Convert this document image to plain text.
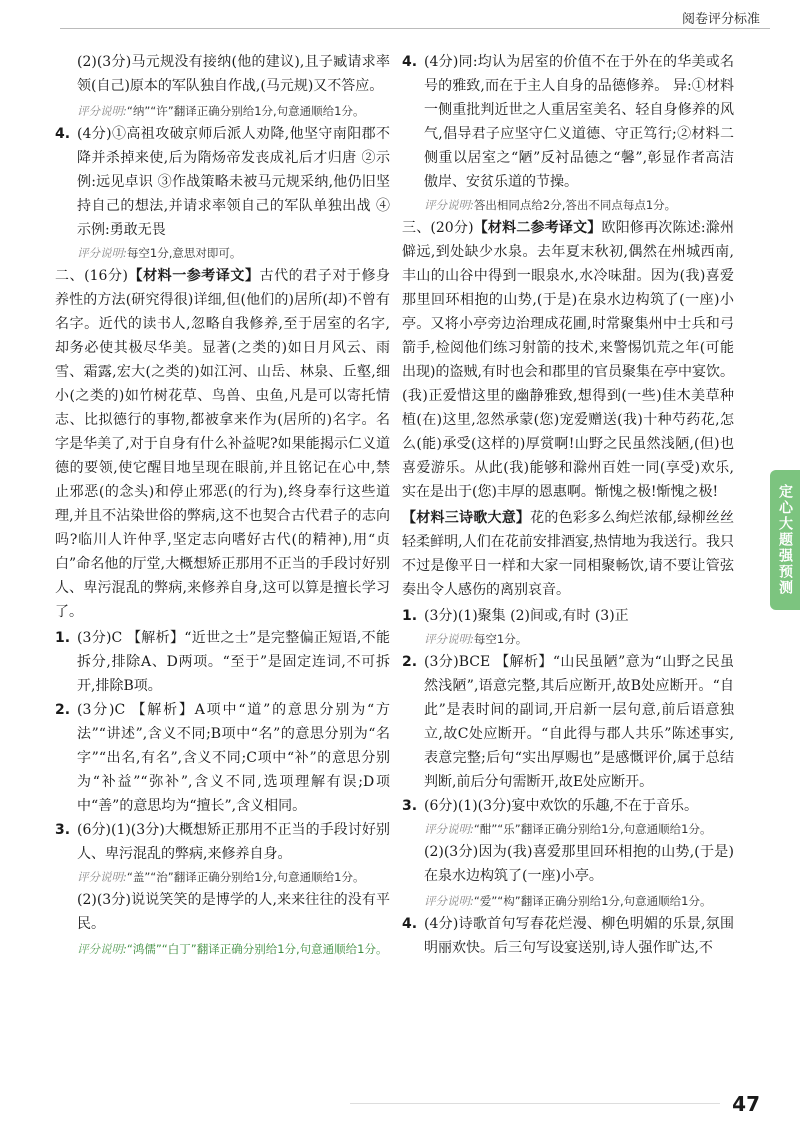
阅卷评分标准

(2)(3分)马元规没有接纳(他的建议),且子臧请求率领(自己)原本的军队独自作战,(马元规)又不答应。

评分说明:“纳”“许”翻译正确分别给1分,句意通顺给1分。
4. (4分)①高祖攻破京师后派人劝降,他坚守南阳郡不降并杀掉来使,后为隋炀帝发丧成礼后才归唐 ②示例:远见卓识 ③作战策略未被马元规采纳,他仍旧坚持自己的想法,并请求率领自己的军队单独出战 ④示例:勇敢无畏
评分说明:每空1分,意思对即可。

二、(16分)【材料一参考译文】古代的君子对于修身养性的方法(研究得很)详细,但(他们的)居所(却)不曾有名字。近代的读书人,忽略自我修养,至于居室的名字,却务必使其极尽华美。显著(之类的)如日月风云、雨雪、霜露,宏大(之类的)如江河、山岳、林泉、丘壑,细小(之类的)如竹树花草、鸟兽、虫鱼,凡是可以寄托情志、比拟德行的事物,都被拿来作为(居所的)名字。名字是华美了,对于自身有什么补益呢?如果能揭示仁义道德的要领,使它醒目地呈现在眼前,并且铭记在心中,禁止邪恶(的念头)和停止邪恶(的行为),终身奉行这些道理,并且不沾染世俗的弊病,这不也契合古代君子的志向吗?临川人许仲孚,坚定志向嗜好古代(的精神),用“贞白”命名他的厅堂,大概想矫正那用不正当的手段讨好别人、卑污混乱的弊病,来修养自身,这可以算是擅长学习了。

1. (3分)C 【解析】“近世之士”是完整偏正短语,不能拆分,排除A、D两项。“至于”是固定连词,不可拆开,排除B项。
2. (3分)C 【解析】A项中“道”的意思分别为“方法”“讲述”,含义不同;B项中“名”的意思分别为“名字”“出名,有名”,含义不同;C项中“补”的意思分别为“补益”“弥补”,含义不同,选项理解有误;D项中“善”的意思均为“擅长”,含义相同。
3. (6分)(1)(3分)大概想矫正那用不正当的手段讨好别人、卑污混乱的弊病,来修养自身。
评分说明:“盖”“治”翻译正确分别给1分,句意通顺给1分。

(2)(3分)说说笑笑的是博学的人,来来往往的没有平民。

评分说明:“鸿儒”“白丁”翻译正确分别给1分,句意通顺给1分。
4. (4分)同:均认为居室的价值不在于外在的华美或名号的雅致,而在于主人自身的品德修养。 异:①材料一侧重批判近世之人重居室美名、轻自身修养的风气,倡导君子应坚守仁义道德、守正笃行;②材料二侧重以居室之“陋”反衬品德之“馨”,彰显作者高洁傲岸、安贫乐道的节操。
评分说明:答出相同点给2分,答出不同点每点1分。

三、(20分)【材料二参考译文】欧阳修再次陈述:滁州僻远,到处缺少水泉。去年夏末秋初,偶然在州城西南,丰山的山谷中得到一眼泉水,水冷味甜。因为(我)喜爱那里回环相抱的山势,(于是)在泉水边构筑了(一座)小亭。又将小亭旁边治理成花圃,时常聚集州中士兵和弓箭手,检阅他们练习射箭的技术,来警惕饥荒之年(可能出现)的盗贼,有时也会和郡里的官员聚集在亭中宴饮。(我)正爱惜这里的幽静雅致,想得到(一些)佳木美草种植(在)这里,忽然承蒙(您)宠爱赠送(我)十种芍药花,怎么(能)承受(这样的)厚赏啊!山野之民虽然浅陋,(但)也喜爱游乐。从此(我)能够和滁州百姓一同(享受)欢乐,实在是出于(您)丰厚的恩惠啊。惭愧之极!惭愧之极!

【材料三诗歌大意】花的色彩多么绚烂浓郁,绿柳丝丝轻柔鲜明,人们在花前安排酒宴,热情地为我送行。我只不过是像平日一样和大家一同相聚畅饮,请不要让管弦奏出令人感伤的离别哀音。

1. (3分)(1)聚集 (2)间或,有时 (3)正
评分说明:每空1分。
2. (3分)BCE 【解析】“山民虽陋”意为“山野之民虽然浅陋”,语意完整,其后应断开,故B处应断开。“自此”是表时间的副词,开启新一层句意,前后语意独立,故C处应断开。“自此得与郡人共乐”陈述事实,表意完整;后句“实出厚赐也”是感慨评价,属于总结判断,前后分句需断开,故E处应断开。
3. (6分)(1)(3分)宴中欢饮的乐趣,不在于音乐。
评分说明:“酣”“乐”翻译正确分别给1分,句意通顺给1分。

(2)(3分)因为(我)喜爱那里回环相抱的山势,(于是)在泉水边构筑了(一座)小亭。

评分说明:“爱”“构”翻译正确分别给1分,句意通顺给1分。
4. (4分)诗歌首句写春花烂漫、柳色明媚的乐景,氛围明丽欢快。后三句写设宴送别,诗人强作旷达,不
定心大题强预测
47
